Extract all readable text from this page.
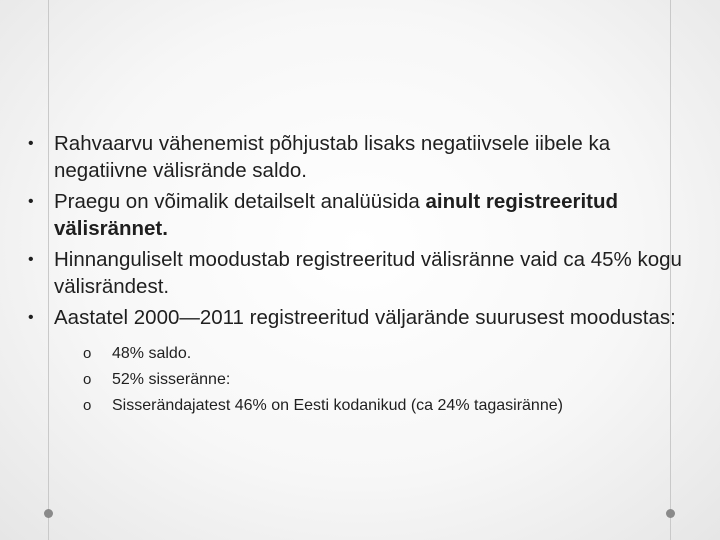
• Rahvaarvu vähenemist põhjustab lisaks negatiivsele iibele ka negatiivne välisrände saldo.
• Praegu on võimalik detailselt analüüsida ainult registreeritud välisrännet.
• Hinnanguliselt moodustab registreeritud välisränne vaid ca 45% kogu välisrändest.
• Aastatel 2000—2011 registreeritud väljarände suurusest moodustas:
o 48% saldo.
o 52% sisseränne:
o Sisserändajatest 46% on Eesti kodanikud (ca 24% tagasiränne)
